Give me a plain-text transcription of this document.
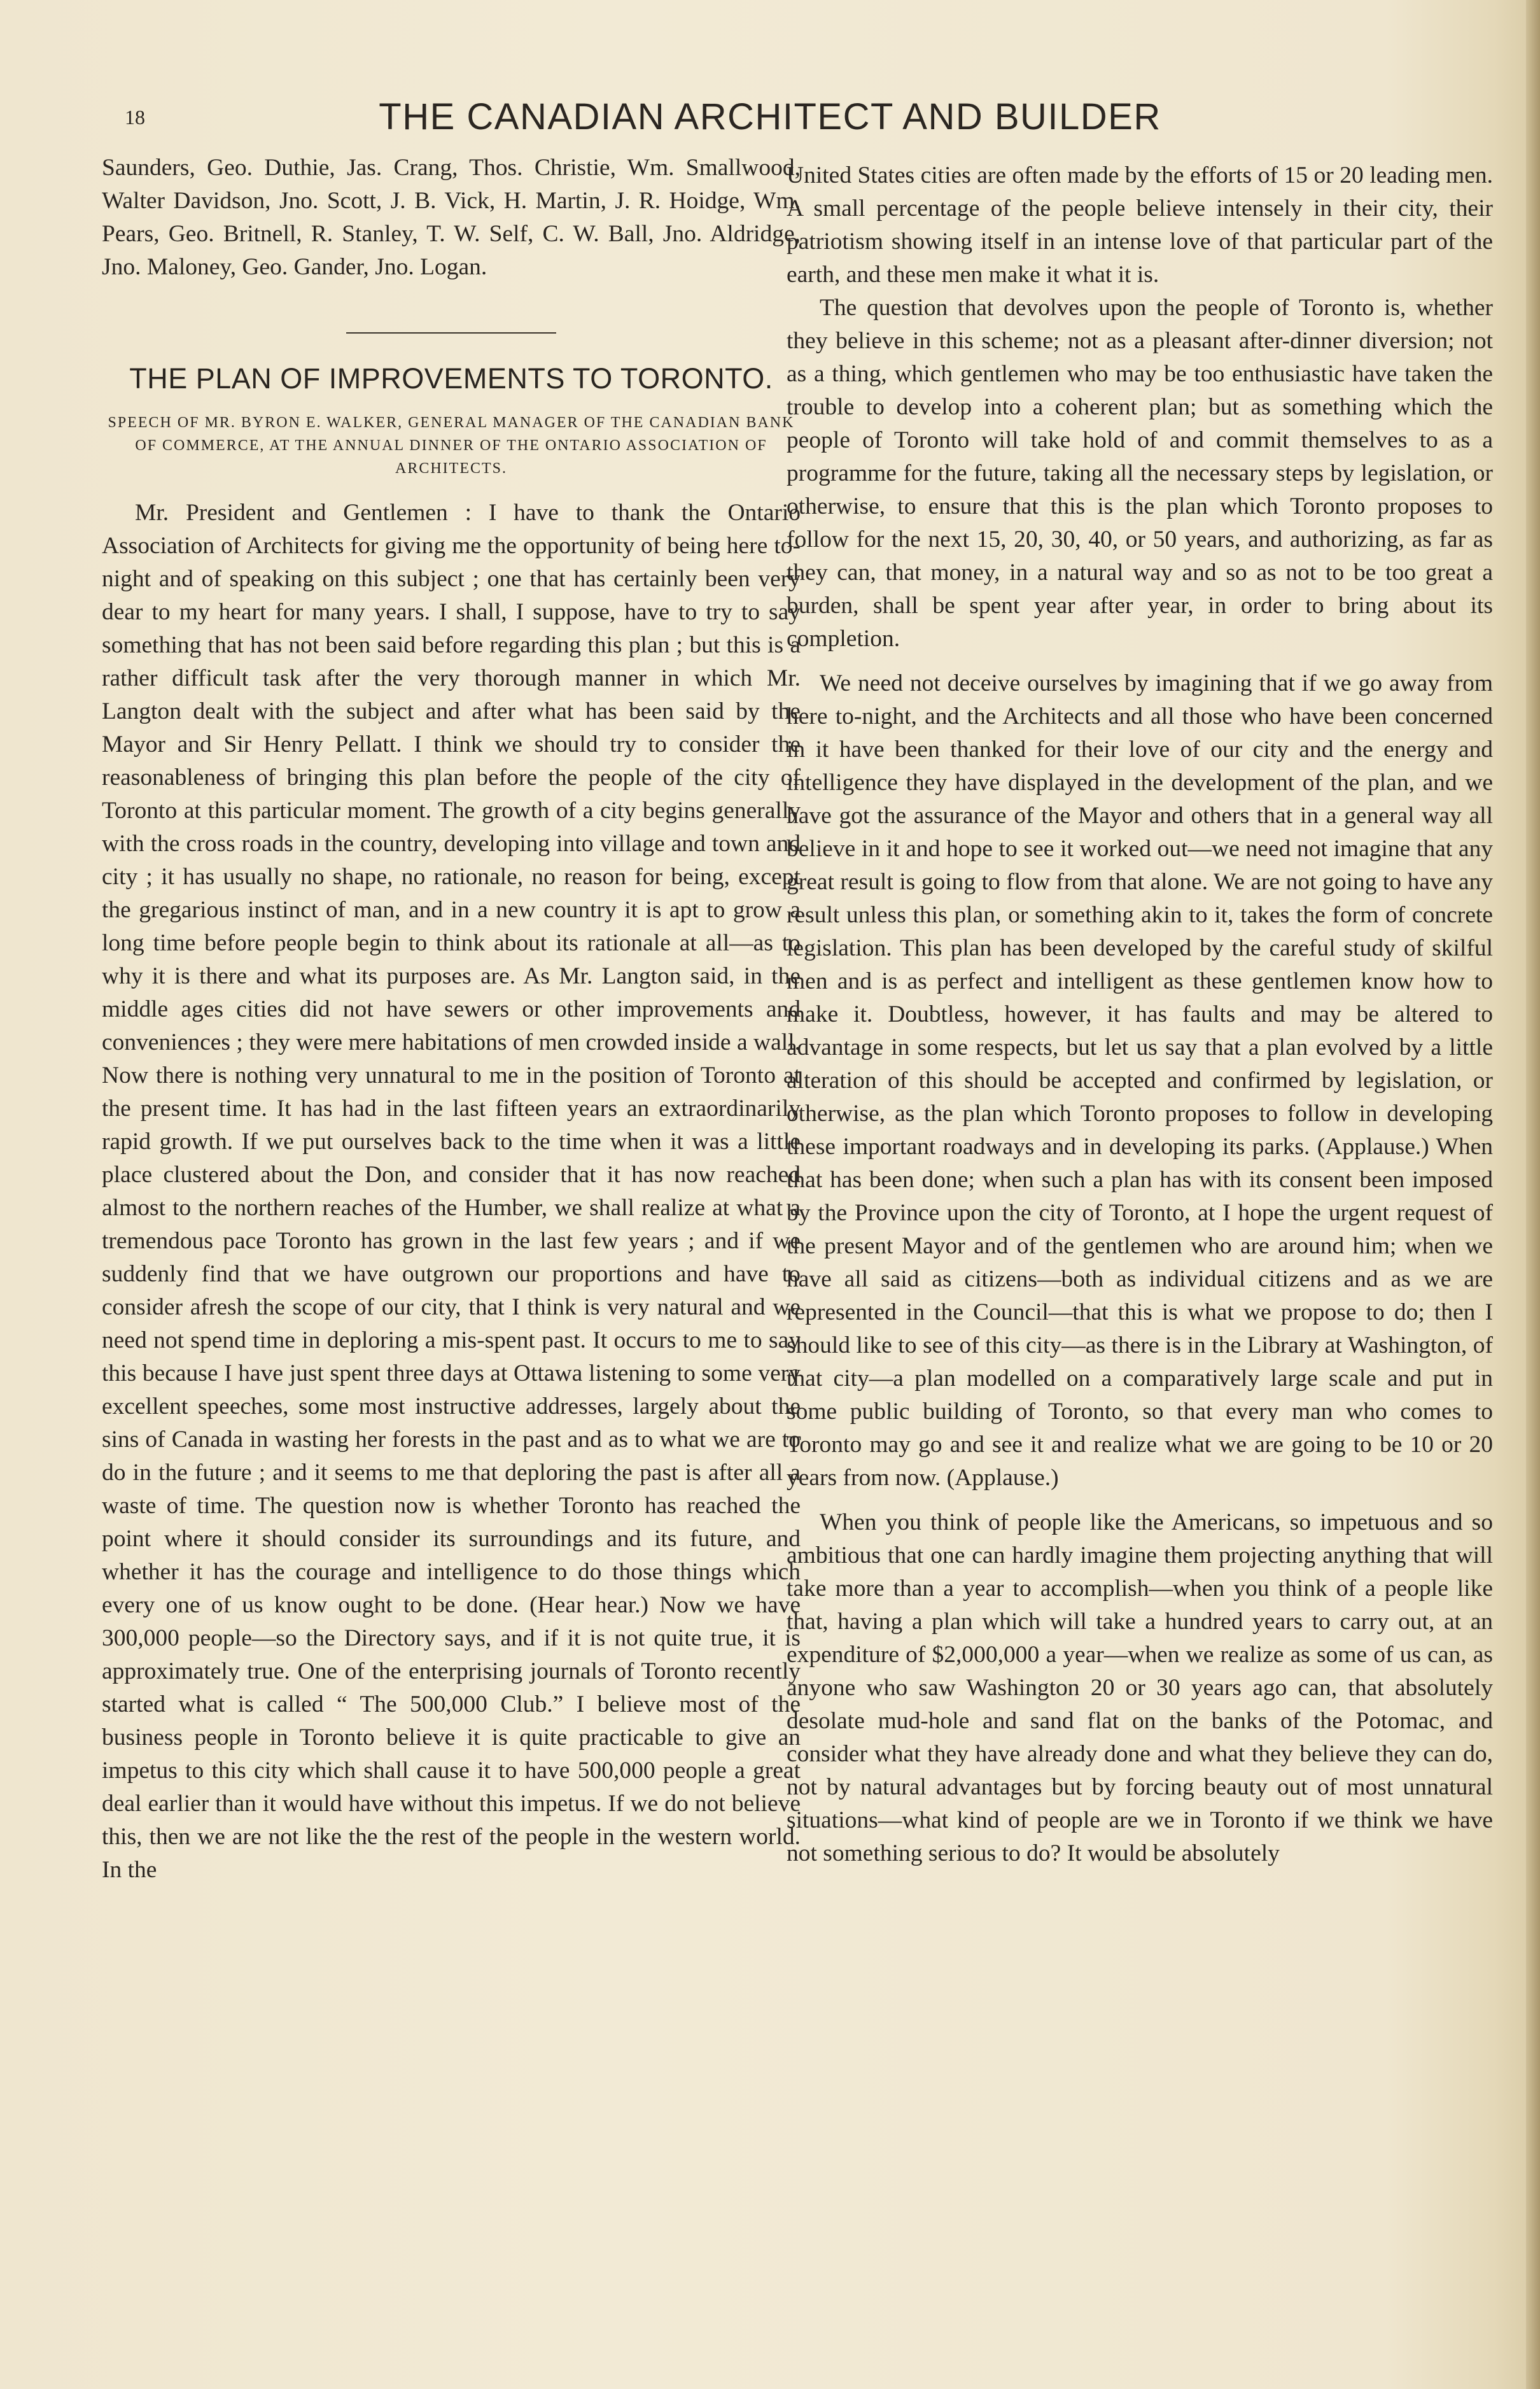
18	THE CANADIAN ARCHITECT AND BUILDER

Saunders, Geo. Duthie, Jas. Crang, Thos. Christie, Wm. Smallwood, Walter Davidson, Jno. Scott, J. B. Vick, H. Martin, J. R. Hoidge, Wm. Pears, Geo. Britnell, R. Stanley, T. W. Self, C. W. Ball, Jno. Aldridge, Jno. Maloney, Geo. Gander, Jno. Logan.

THE PLAN OF IMPROVEMENTS TO TORONTO.
SPEECH OF MR. BYRON E. WALKER, GENERAL MANAGER OF THE CANADIAN BANK OF COMMERCE, AT THE ANNUAL DINNER OF THE ONTARIO ASSOCIATION OF ARCHITECTS.

Mr. President and Gentlemen : I have to thank the Ontario Association of Architects for giving me the opportunity of being here to-night and of speaking on this subject ; one that has certainly been very dear to my heart for many years. I shall, I suppose, have to try to say something that has not been said before regarding this plan ; but this is a rather difficult task after the very thorough manner in which Mr. Langton dealt with the subject and after what has been said by the Mayor and Sir Henry Pellatt. I think we should try to consider the reasonableness of bringing this plan before the people of the city of Toronto at this particular moment. The growth of a city begins generally with the cross roads in the country, developing into village and town and city ; it has usually no shape, no rationale, no reason for being, except the gregarious instinct of man, and in a new country it is apt to grow a long time before people begin to think about its rationale at all—as to why it is there and what its purposes are. As Mr. Langton said, in the middle ages cities did not have sewers or other improvements and conveniences ; they were mere habitations of men crowded inside a wall. Now there is nothing very unnatural to me in the position of Toronto at the present time. It has had in the last fifteen years an extraordinarily rapid growth. If we put ourselves back to the time when it was a little place clustered about the Don, and consider that it has now reached almost to the northern reaches of the Humber, we shall realize at what a tremendous pace Toronto has grown in the last few years ; and if we suddenly find that we have outgrown our proportions and have to consider afresh the scope of our city, that I think is very natural and we need not spend time in deploring a mis-spent past. It occurs to me to say this because I have just spent three days at Ottawa listening to some very excellent speeches, some most instructive addresses, largely about the sins of Canada in wasting her forests in the past and as to what we are to do in the future ; and it seems to me that deploring the past is after all a waste of time. The question now is whether Toronto has reached the point where it should consider its surroundings and its future, and whether it has the courage and intelligence to do those things which every one of us know ought to be done. (Hear hear.) Now we have 300,000 people—so the Directory says, and if it is not quite true, it is approximately true. One of the enterprising journals of Toronto recently started what is called “ The 500,000 Club.” I believe most of the business people in Toronto believe it is quite practicable to give an impetus to this city which shall cause it to have 500,000 people a great deal earlier than it would have without this impetus. If we do not believe this, then we are not like the the rest of the people in the western world. In the

United States cities are often made by the efforts of 15 or 20 leading men. A small percentage of the people believe intensely in their city, their patriotism showing itself in an intense love of that particular part of the earth, and these men make it what it is.

The question that devolves upon the people of Toronto is, whether they believe in this scheme; not as a pleasant after-dinner diversion; not as a thing, which gentlemen who may be too enthusiastic have taken the trouble to develop into a coherent plan; but as something which the people of Toronto will take hold of and commit themselves to as a programme for the future, taking all the necessary steps by legislation, or otherwise, to ensure that this is the plan which Toronto proposes to follow for the next 15, 20, 30, 40, or 50 years, and authorizing, as far as they can, that money, in a natural way and so as not to be too great a burden, shall be spent year after year, in order to bring about its completion.

We need not deceive ourselves by imagining that if we go away from here to-night, and the Architects and all those who have been concerned in it have been thanked for their love of our city and the energy and intelligence they have displayed in the development of the plan, and we have got the assurance of the Mayor and others that in a general way all believe in it and hope to see it worked out—we need not imagine that any great result is going to flow from that alone. We are not going to have any result unless this plan, or something akin to it, takes the form of concrete legislation. This plan has been developed by the careful study of skilful men and is as perfect and intelligent as these gentlemen know how to make it. Doubtless, however, it has faults and may be altered to advantage in some respects, but let us say that a plan evolved by a little alteration of this should be accepted and confirmed by legislation, or otherwise, as the plan which Toronto proposes to follow in developing these important roadways and in developing its parks. (Applause.) When that has been done; when such a plan has with its consent been imposed by the Province upon the city of Toronto, at I hope the urgent request of the present Mayor and of the gentlemen who are around him; when we have all said as citizens—both as individual citizens and as we are represented in the Council—that this is what we propose to do; then I should like to see of this city—as there is in the Library at Washington, of that city—a plan modelled on a comparatively large scale and put in some public building of Toronto, so that every man who comes to Toronto may go and see it and realize what we are going to be 10 or 20 years from now. (Applause.)

When you think of people like the Americans, so impetuous and so ambitious that one can hardly imagine them projecting anything that will take more than a year to accomplish—when you think of a people like that, having a plan which will take a hundred years to carry out, at an expenditure of $2,000,000 a year—when we realize as some of us can, as anyone who saw Washington 20 or 30 years ago can, that absolutely desolate mud-hole and sand flat on the banks of the Potomac, and consider what they have already done and what they believe they can do, not by natural advantages but by forcing beauty out of most unnatural situations—what kind of people are we in Toronto if we think we have not something serious to do? It would be absolutely
